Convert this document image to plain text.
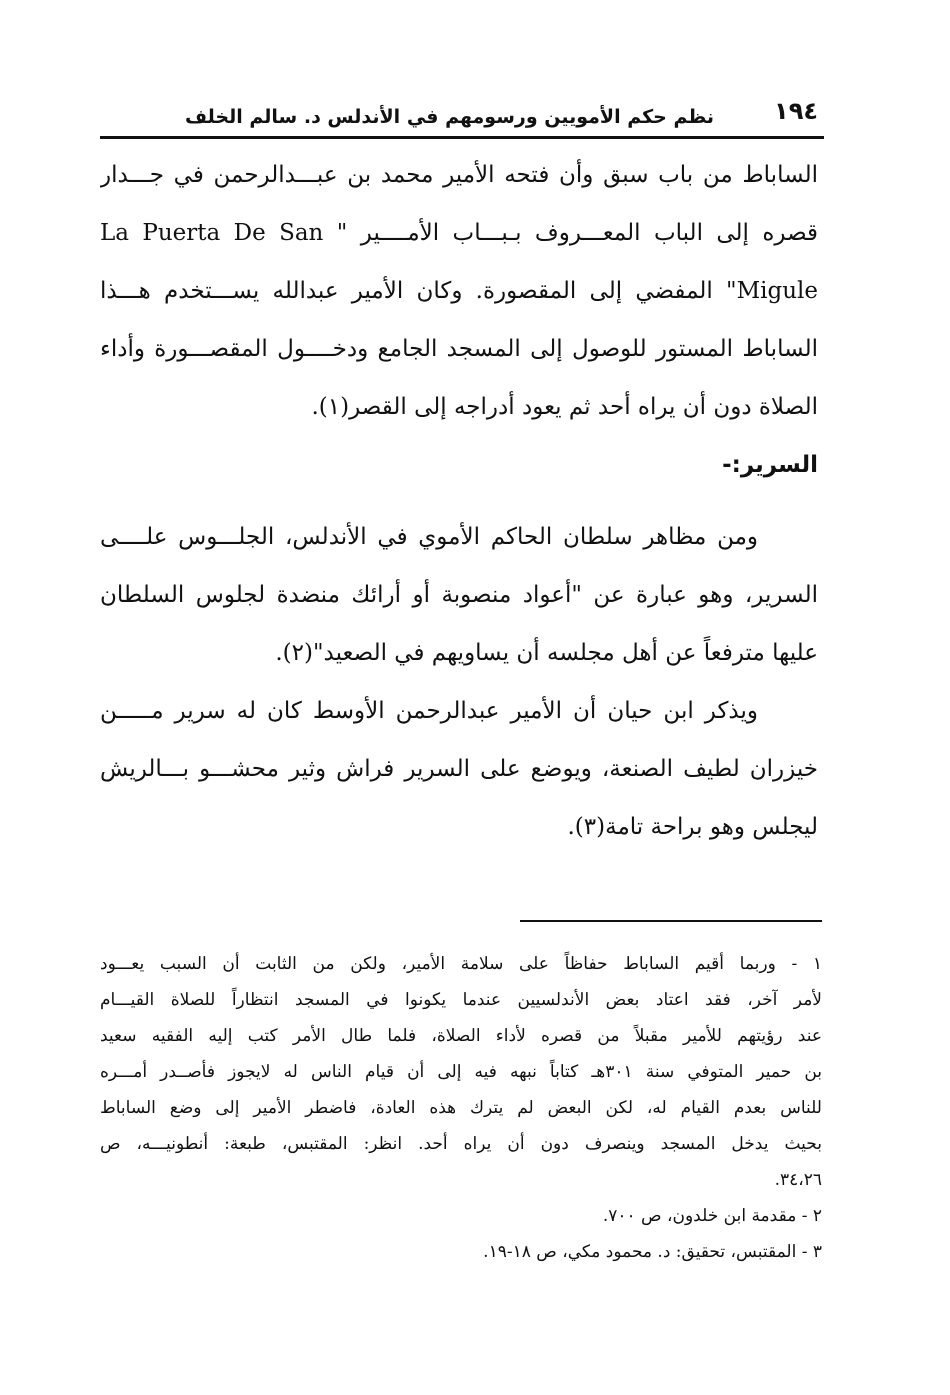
١٩٤
نظم حكم الأمويين ورسومهم في الأندلس د. سالم الخلف
الساباط من باب سبق وأن فتحه الأمير محمد بن عبـــدالرحمن في جـــدار
قصره إلى الباب المعـــروف بـبـــاب الأمــــير " La Puerta De San
Migule" المفضي إلى المقصورة. وكان الأمير عبدالله يســـتخدم هـــذا
الساباط المستور للوصول إلى المسجد الجامع ودخــــول المقصـــورة وأداء
الصلاة دون أن يراه أحد ثم يعود أدراجه إلى القصر(١).
السرير:-
ومن مظاهر سلطان الحاكم الأموي في الأندلس، الجلـــوس علــــى
السرير، وهو عبارة عن "أعواد منصوبة أو أرائك منضدة لجلوس السلطان
عليها مترفعاً عن أهل مجلسه أن يساويهم في الصعيد"(٢).
ويذكر ابن حيان أن الأمير عبدالرحمن الأوسط كان له سرير مـــــن
خيزران لطيف الصنعة، ويوضع على السرير فراش وثير محشـــو بـــالريش
ليجلس وهو براحة تامة(٣).
١ - وربما أقيم الساباط حفاظاً على سلامة الأمير، ولكن من الثابت أن السبب يعـــود
لأمر آخر، فقد اعتاد بعض الأندلسيين عندما يكونوا في المسجد انتظاراً للصلاة القيـــام
عند رؤيتهم للأمير مقبلاً من قصره لأداء الصلاة، فلما طال الأمر كتب إليه الفقيه سعيد
بن حمير المتوفي سنة ٣٠١هـ كتاباً نبهه فيه إلى أن قيام الناس له لايجوز فأصــدر أمـــره
للناس بعدم القيام له، لكن البعض لم يترك هذه العادة، فاضطر الأمير إلى وضع الساباط
بحيث يدخل المسجد وينصرف دون أن يراه أحد. انظر: المقتبس، طبعة: أنطونيـــه، ص
٣٤،٢٦.
٢ - مقدمة ابن خلدون، ص ٧٠٠.
٣ - المقتبس، تحقيق: د. محمود مكي، ص ١٨-١٩.
